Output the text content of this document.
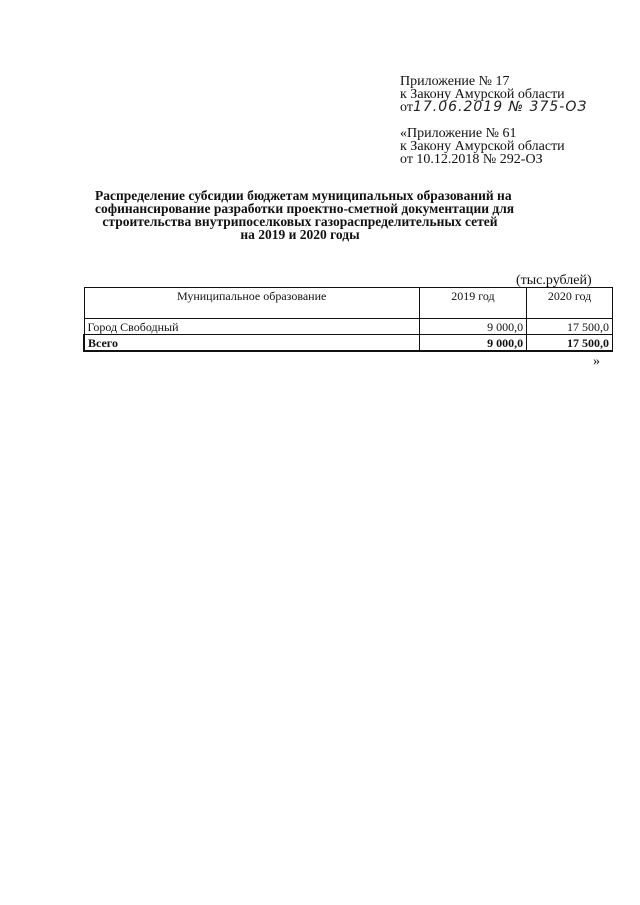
Приложение № 17
к Закону Амурской области
от17.06.2019 № 375-ОЗ
«Приложение № 61
к Закону Амурской области
от 10.12.2018 № 292-ОЗ
Распределение субсидии бюджетам муниципальных образований на
софинансирование разработки проектно-сметной документации для
строительства внутрипоселковых газораспределительных сетей
на 2019 и 2020 годы
(тыс.рублей)
Муниципальное образование	2019 год	2020 год
Город Свободный	9 000,0	17 500,0
Всего	9 000,0	17 500,0
»
